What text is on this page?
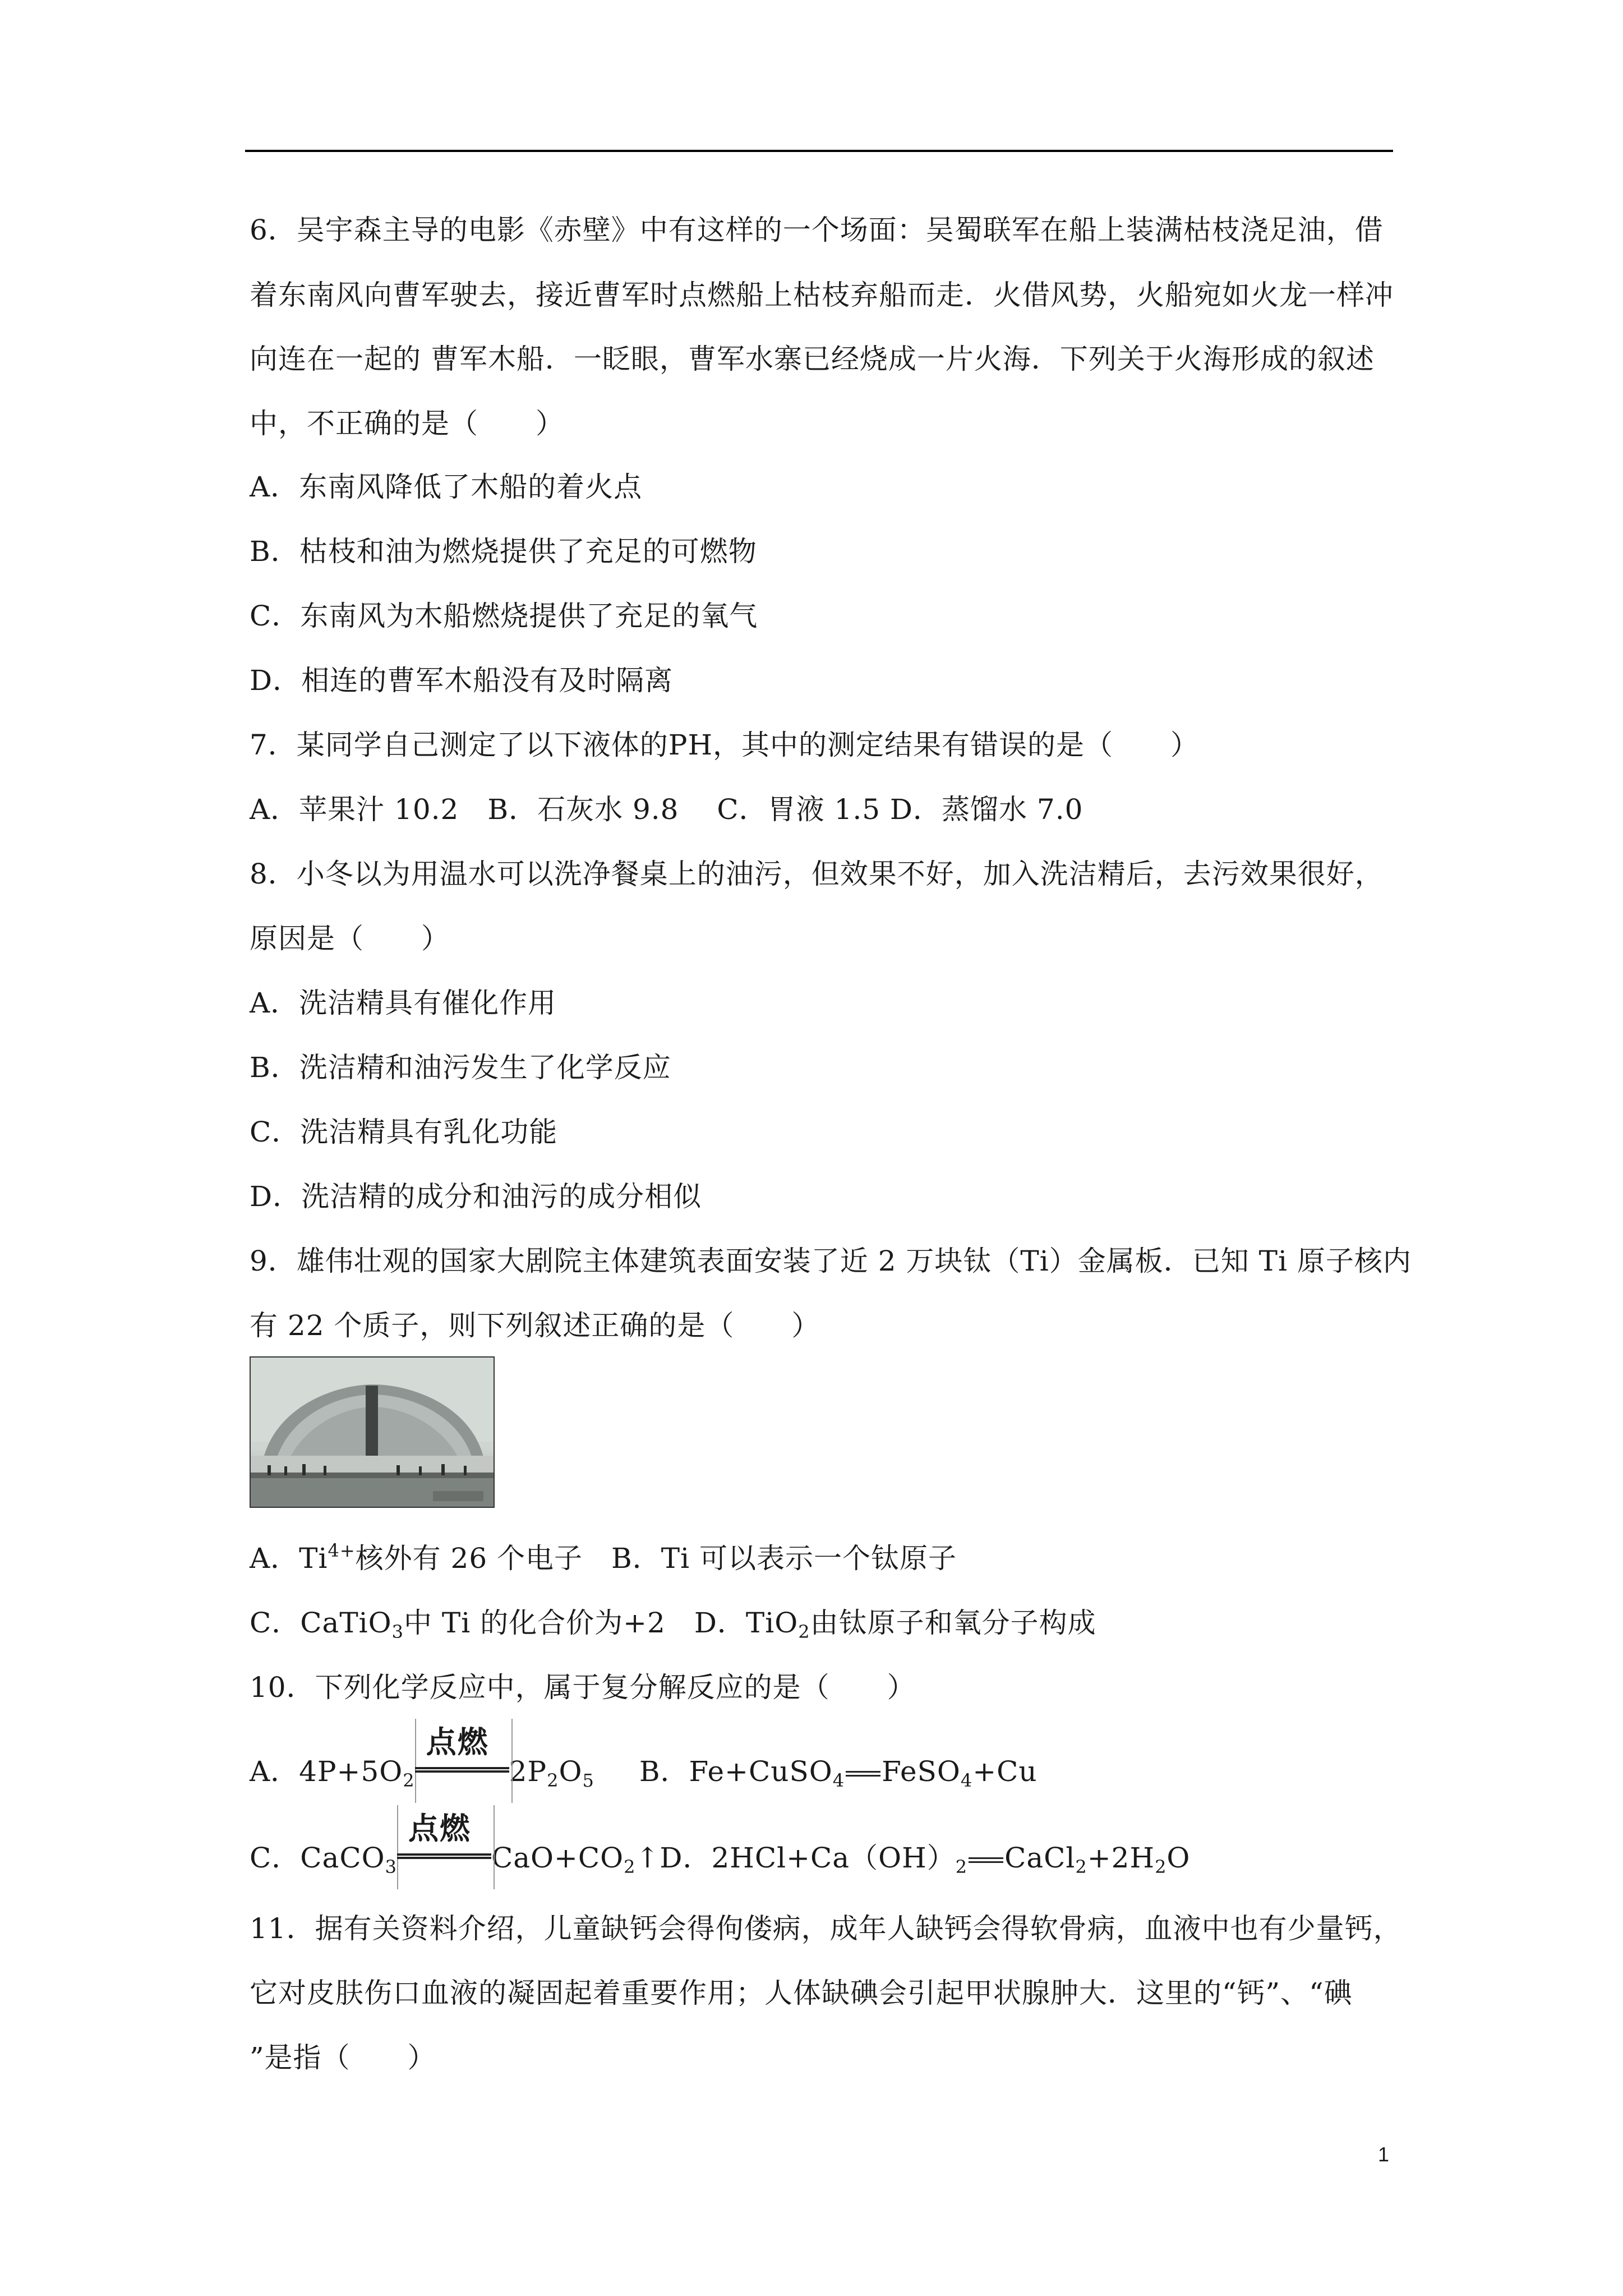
6．吴宇森主导的电影《赤壁》中有这样的一个场面：吴蜀联军在船上装满枯枝浇足油，借
着东南风向曹军驶去，接近曹军时点燃船上枯枝弃船而走．火借风势，火船宛如火龙一样冲
向连在一起的 曹军木船．一眨眼，曹军水寨已经烧成一片火海．下列关于火海形成的叙述
中，不正确的是（　　）
A．东南风降低了木船的着火点
B．枯枝和油为燃烧提供了充足的可燃物
C．东南风为木船燃烧提供了充足的氧气
D．相连的曹军木船没有及时隔离
7．某同学自己测定了以下液体的PH，其中的测定结果有错误的是（　　）
A．苹果汁 10.2　B．石灰水 9.8　 C．胃液 1.5 D．蒸馏水 7.0
8．小冬以为用温水可以洗净餐桌上的油污，但效果不好，加入洗洁精后，去污效果很好，
原因是（　　）
A．洗洁精具有催化作用
B．洗洁精和油污发生了化学反应
C．洗洁精具有乳化功能
D．洗洁精的成分和油污的成分相似
9．雄伟壮观的国家大剧院主体建筑表面安装了近 2 万块钛（Ti）金属板．已知 Ti 原子核内
有 22 个质子，则下列叙述正确的是（　　）
A．$Ti^{4+}$核外有 26 个电子　B．Ti 可以表示一个钛原子
C．CaTiO$_3$中 Ti 的化合价为+2　D．TiO$_2$由钛原子和氧分子构成
10．下列化学反应中，属于复分解反应的是（　　）
A．$4P+5O_2$
点燃
$2P_2O_5$ B．Fe+CuSO$_4$ FeSO$_4$+Cu
C．CaCO$_3$
点燃
$CaO+CO_2↑D$．$2HCl+Ca(OH)_2$ $CaCl_2+2H_2O$
11．据有关资料介绍，儿童缺钙会得佝偻病，成年人缺钙会得软骨病，血液中也有少量钙，
它对皮肤伤口血液的凝固起着重要作用；人体缺碘会引起甲状腺肿大．这里的“钙”、“碘
”是指（　　）
1
